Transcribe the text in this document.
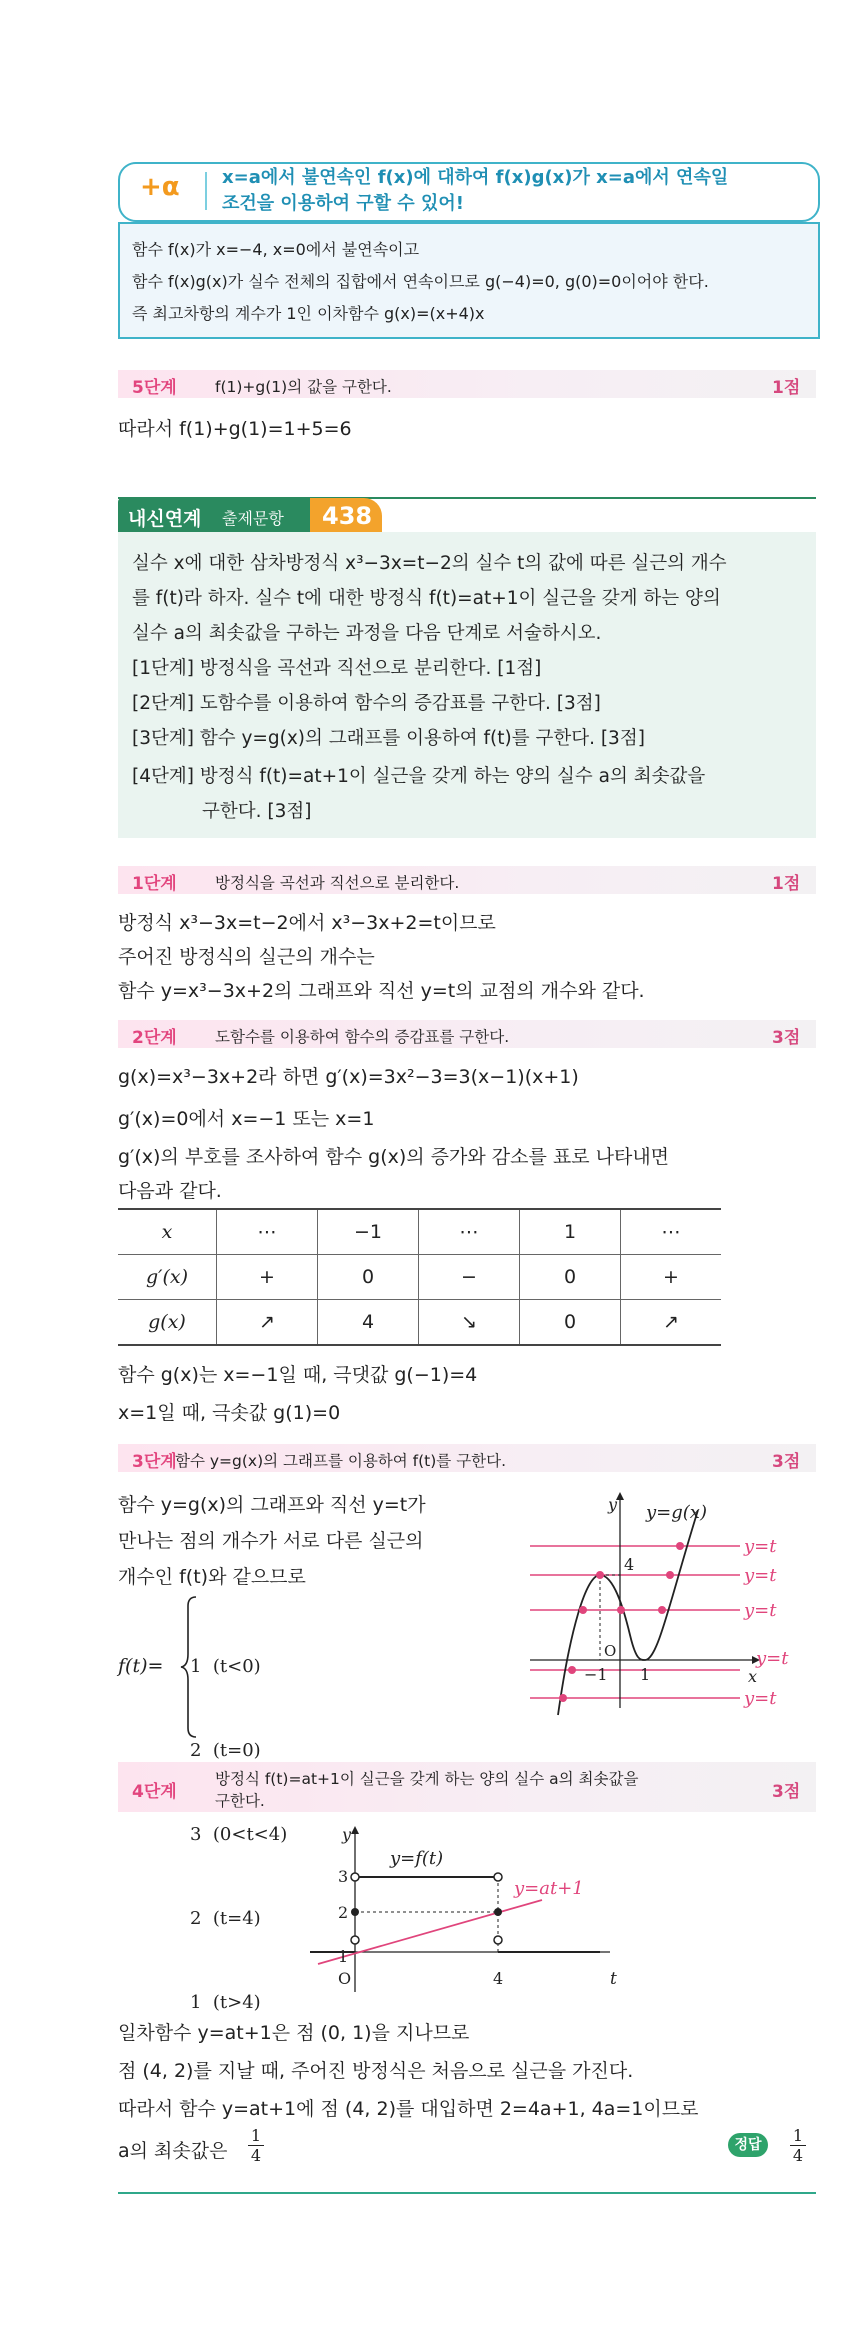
+α x=a에서 불연속인 f(x)에 대하여 f(x)g(x)가 x=a에서 연속일
조건을 이용하여 구할 수 있어!
함수 f(x)가 x=−4, x=0에서 불연속이고
함수 f(x)g(x)가 실수 전체의 집합에서 연속이므로 g(−4)=0, g(0)=0이어야 한다.
즉 최고차항의 계수가 1인 이차함수 g(x)=(x+4)x
5단계 f(1)+g(1)의 값을 구한다.	1점
따라서 f(1)+g(1)=1+5=6
내신연계 출제문항 438
실수 x에 대한 삼차방정식 x³−3x=t−2의 실수 t의 값에 따른 실근의 개수
를 f(t)라 하자. 실수 t에 대한 방정식 f(t)=at+1이 실근을 갖게 하는 양의
실수 a의 최솟값을 구하는 과정을 다음 단계로 서술하시오.
[1단계] 방정식을 곡선과 직선으로 분리한다. [1점]
[2단계] 도함수를 이용하여 함수의 증감표를 구한다. [3점]
[3단계] 함수 y=g(x)의 그래프를 이용하여 f(t)를 구한다. [3점]
[4단계] 방정식 f(t)=at+1이 실근을 갖게 하는 양의 실수 a의 최솟값을
구한다. [3점]
1단계 방정식을 곡선과 직선으로 분리한다.	1점
방정식 x³−3x=t−2에서 x³−3x+2=t이므로
주어진 방정식의 실근의 개수는
함수 y=x³−3x+2의 그래프와 직선 y=t의 교점의 개수와 같다.
2단계 도함수를 이용하여 함수의 증감표를 구한다.	3점
g(x)=x³−3x+2라 하면 g′(x)=3x²−3=3(x−1)(x+1)
g′(x)=0에서 x=−1 또는 x=1
g′(x)의 부호를 조사하여 함수 g(x)의 증가와 감소를 표로 나타내면
다음과 같다.
x	⋯	−1	⋯	1	⋯
g′(x)	+	0	−	0	+
g(x)	↗	4	↘	0	↗
함수 g(x)는 x=−1일 때, 극댓값 g(−1)=4
x=1일 때, 극솟값 g(1)=0
3단계
함수 y=g(x)의 그래프를 이용하여 f(t)를 구한다.	3점
함수 y=g(x)의 그래프와 직선 y=t가
만나는 점의 개수가 서로 다른 실근의
개수인 f(t)와 같으므로
f(t)=

1  (t<0)

2  (t=0)

3  (0<t<4)

2  (t=4)

1  (t>4)

y=g(x)
y
x
O
−1 1
4
y=t
y=t
y=t
y=t
y=t
4단계
방정식 f(t)=at+1이 실근을 갖게 하는 양의 실수 a의 최솟값을
구한다.	3점
y
t
O
3
2
1
4
y=f(t)
y=at+1
일차함수 y=at+1은 점 (0, 1)을 지나므로
점 (4, 2)를 지날 때, 주어진 방정식은 처음으로 실근을 가진다.
따라서 함수 y=at+1에 점 (4, 2)를 대입하면 2=4a+1, 4a=1이므로
a의 최솟값은 $\frac{1}{4}$	정답	$\frac{1}{4}$
